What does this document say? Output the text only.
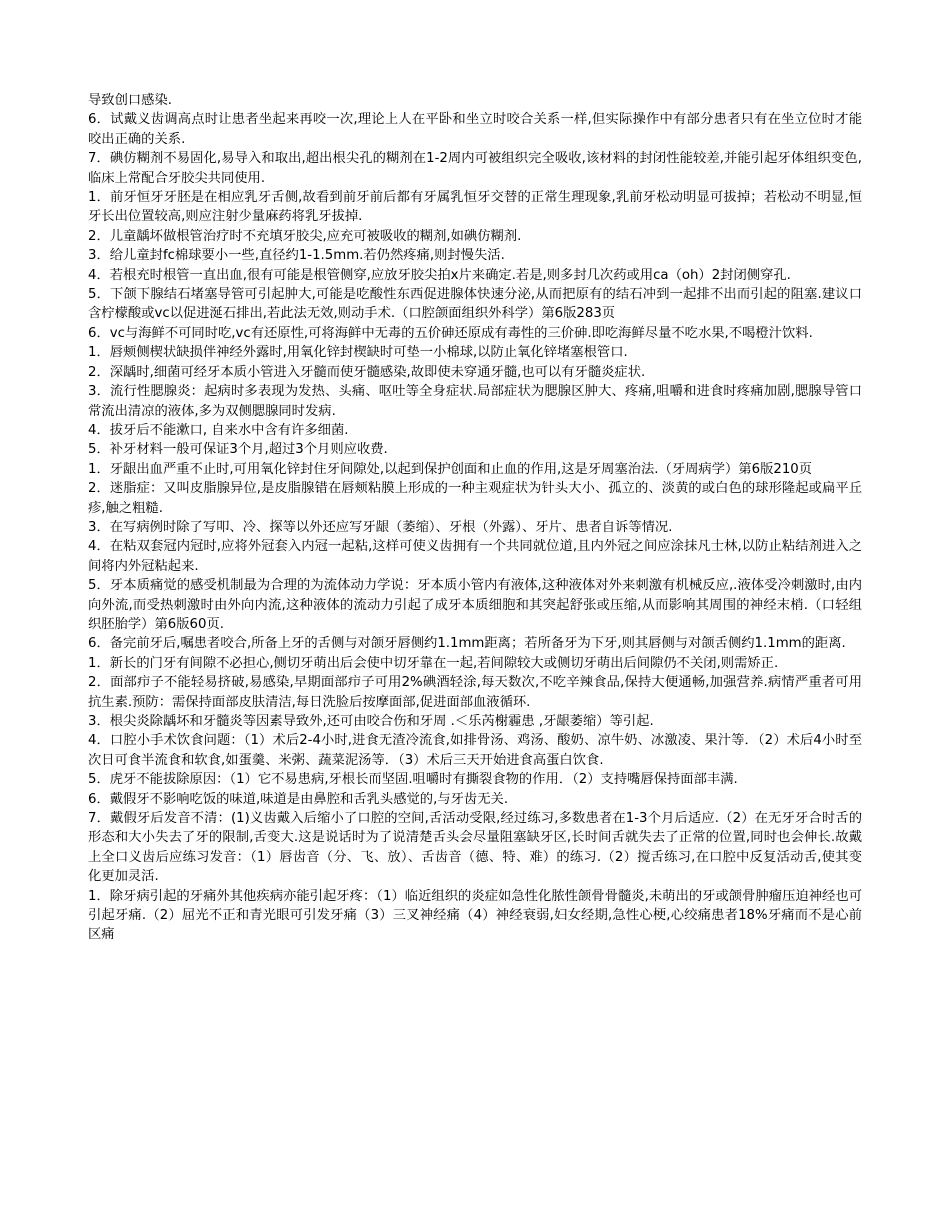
导致创口感染.

6．试戴义齿调高点时让患者坐起来再咬一次,理论上人在平卧和坐立时咬合关系一样,但实际操作中有部分患者只有在坐立位时才能咬出正确的关系.

7．碘仿糊剂不易固化,易导入和取出,超出根尖孔的糊剂在1-2周内可被组织完全吸收,该材料的封闭性能较差,并能引起牙体组织变色,临床上常配合牙胶尖共同使用.

1．前牙恒牙牙胚是在相应乳牙舌侧,故看到前牙前后都有牙属乳恒牙交替的正常生理现象,乳前牙松动明显可拔掉；若松动不明显,恒牙长出位置较高,则应注射少量麻药将乳牙拔掉.

2．儿童龋坏做根管治疗时不充填牙胶尖,应充可被吸收的糊剂,如碘仿糊剂.

3．给儿童封fc棉球要小一些,直径约1-1.5mm.若仍然疼痛,则封慢失活.

4．若根充时根管一直出血,很有可能是根管侧穿,应放牙胶尖拍x片来确定.若是,则多封几次药或用ca（oh）2封闭侧穿孔.

5．下颌下腺结石堵塞导管可引起肿大,可能是吃酸性东西促进腺体快速分泌,从而把原有的结石冲到一起排不出而引起的阻塞.建议口含柠檬酸或vc以促进涎石排出,若此法无效,则动手术.（口腔颌面组织外科学）第6版283页

6．vc与海鲜不可同时吃,vc有还原性,可将海鲜中无毒的五价砷还原成有毒性的三价砷.即吃海鲜尽量不吃水果,不喝橙汁饮料.

1．唇颊侧楔状缺损伴神经外露时,用氧化锌封楔缺时可垫一小棉球,以防止氧化锌堵塞根管口.

2．深龋时,细菌可经牙本质小管进入牙髓而使牙髓感染,故即使未穿通牙髓,也可以有牙髓炎症状.

3．流行性腮腺炎：起病时多表现为发热、头痛、呕吐等全身症状.局部症状为腮腺区肿大、疼痛,咀嚼和进食时疼痛加剧,腮腺导管口常流出清凉的液体,多为双侧腮腺同时发病.

4．拔牙后不能漱口, 自来水中含有许多细菌.

5．补牙材料一般可保证3个月,超过3个月则应收费.

1．牙龈出血严重不止时,可用氧化锌封住牙间隙处,以起到保护创面和止血的作用,这是牙周塞治法.（牙周病学）第6版210页

2．迷脂症：又叫皮脂腺异位,是皮脂腺错在唇颊粘膜上形成的一种主观症状为针头大小、孤立的、淡黄的或白色的球形隆起或扁平丘疹,触之粗糙.

3．在写病例时除了写叩、冷、探等以外还应写牙龈（萎缩）、牙根（外露）、牙片、患者自诉等情况.

4．在粘双套冠内冠时,应将外冠套入内冠一起粘,这样可使义齿拥有一个共同就位道,且内外冠之间应涂抹凡士林,以防止粘结剂进入之间将内外冠粘起来.

5．牙本质痛觉的感受机制最为合理的为流体动力学说：牙本质小管内有液体,这种液体对外来刺激有机械反应,.液体受冷刺激时,由内向外流,而受热刺激时由外向内流,这种液体的流动力引起了成牙本质细胞和其突起舒张或压缩,从而影响其周围的神经末梢.（口轻组织胚胎学）第6版60页.

6．备完前牙后,嘱患者咬合,所备上牙的舌侧与对颌牙唇侧约1.1mm距离；若所备牙为下牙,则其唇侧与对颌舌侧约1.1mm的距离.

1．新长的门牙有间隙不必担心,侧切牙萌出后会使中切牙靠在一起,若间隙较大或侧切牙萌出后间隙仍不关闭,则需矫正.

2．面部疖子不能轻易挤破,易感染,早期面部疖子可用2%碘酒轻涂,每天数次,不吃辛辣食品,保持大便通畅,加强营养.病情严重者可用抗生素.预防：需保持面部皮肤清洁,每日洗脸后按摩面部,促进面部血液循环.

3．根尖炎除龋坏和牙髓炎等因素导致外,还可由咬合伤和牙周 .＜乐芮榭霾患 ,牙龈萎缩）等引起.

4．口腔小手术饮食问题：（1）术后2-4小时,进食无渣冷流食,如排骨汤、鸡汤、酸奶、凉牛奶、冰激凌、果汁等．（2）术后4小时至次日可食半流食和软食,如蛋羹、米粥、蔬菜泥汤等．（3）术后三天开始进食高蛋白饮食.

5．虎牙不能拔除原因：（1）它不易患病,牙根长而坚固.咀嚼时有撕裂食物的作用．（2）支持嘴唇保持面部丰满.

6．戴假牙不影响吃饭的味道,味道是由鼻腔和舌乳头感觉的,与牙齿无关.

7．戴假牙后发音不清：(1)义齿戴入后缩小了口腔的空间,舌活动受限,经过练习,多数患者在1-3个月后适应.（2）在无牙牙合时舌的形态和大小失去了牙的限制,舌变大.这是说话时为了说清楚舌头会尽量阻塞缺牙区,长时间舌就失去了正常的位置,同时也会伸长.故戴上全口义齿后应练习发音：（1）唇齿音（分、飞、放）、舌齿音（德、特、难）的练习.（2）搅舌练习,在口腔中反复活动舌,使其变化更加灵活.

1．除牙病引起的牙痛外其他疾病亦能引起牙疼：（1）临近组织的炎症如急性化脓性颌骨骨髓炎,未萌出的牙或颌骨肿瘤压迫神经也可引起牙痛.（2）屈光不正和青光眼可引发牙痛（3）三叉神经痛（4）神经衰弱,妇女经期,急性心梗,心绞痛患者18%牙痛而不是心前区痛
